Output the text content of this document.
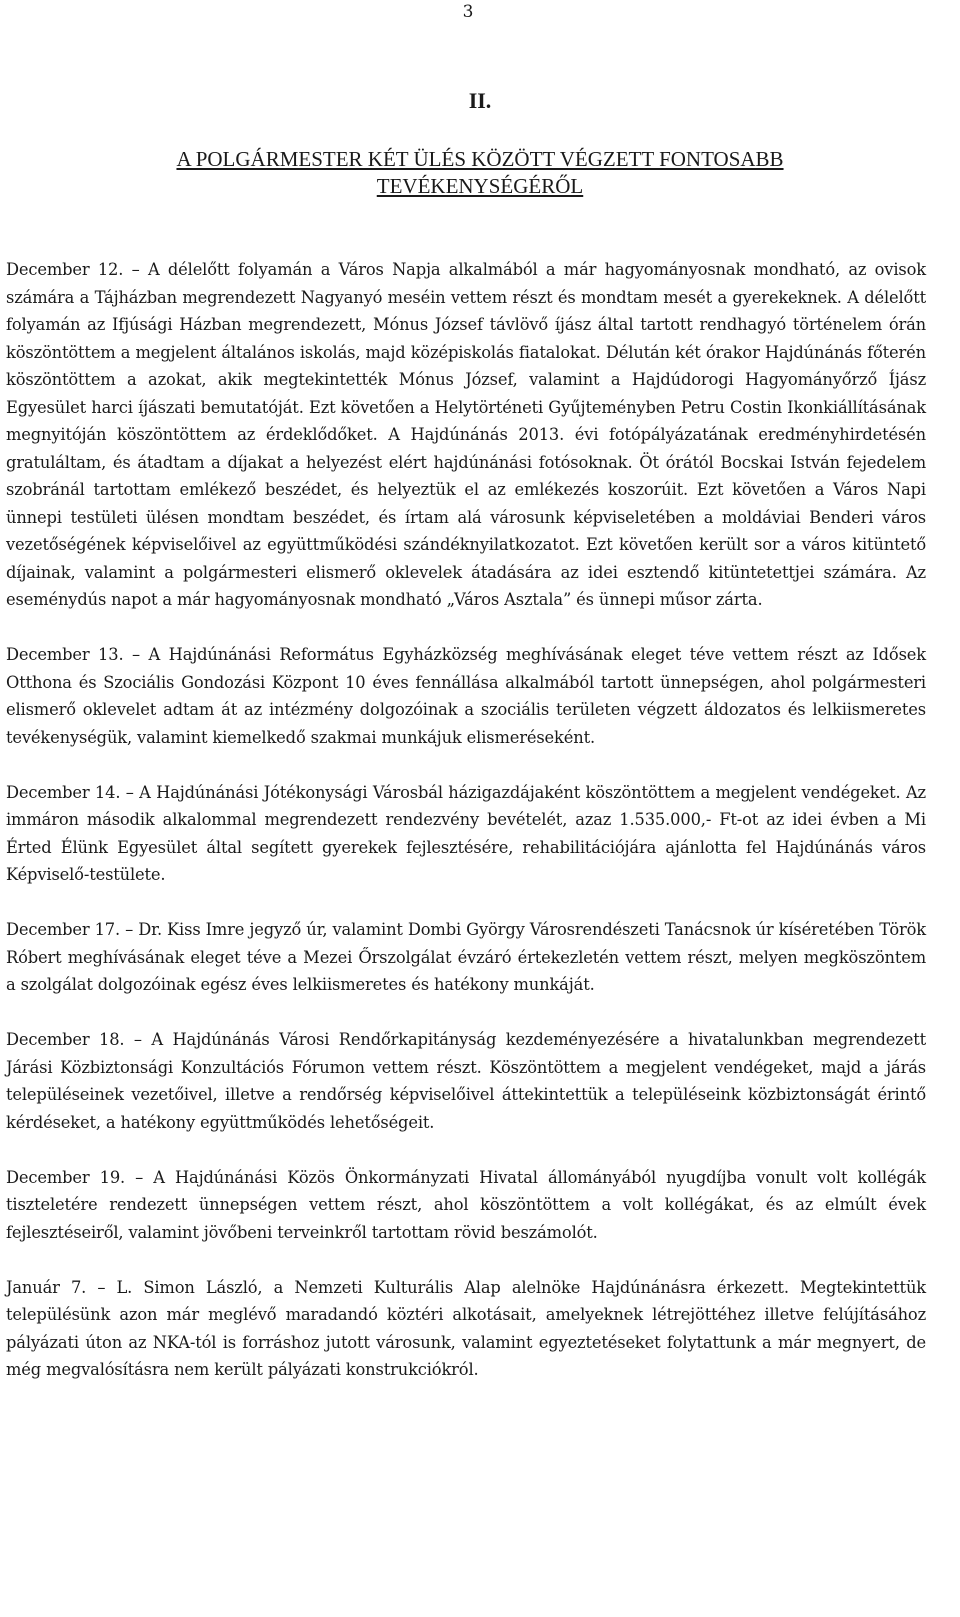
3
II.
A POLGÁRMESTER KÉT ÜLÉS KÖZÖTT VÉGZETT FONTOSABB
TEVÉKENYSÉGÉRŐL

December 12. – A délelőtt folyamán a Város Napja alkalmából a már hagyományosnak mondható, az ovisok számára a Tájházban megrendezett Nagyanyó meséin vettem részt és mondtam mesét a gyerekeknek. A délelőtt folyamán az Ifjúsági Házban megrendezett, Mónus József távlövő íjász által tartott rendhagyó történelem órán köszöntöttem a megjelent általános iskolás, majd középiskolás fiatalokat. Délután két órakor Hajdúnánás főterén köszöntöttem a azokat, akik megtekintették Mónus József, valamint a Hajdúdorogi Hagyományőrző Íjász Egyesület harci íjászati bemutatóját. Ezt követően a Helytörténeti Gyűjteményben Petru Costin Ikonkiállításának megnyitóján köszöntöttem az érdeklődőket. A Hajdúnánás 2013. évi fotópályázatának eredményhirdetésén gratuláltam, és átadtam a díjakat a helyezést elért hajdúnánási fotósoknak. Öt órától Bocskai István fejedelem szobránál tartottam emlékező beszédet, és helyeztük el az emlékezés koszorúit. Ezt követően a Város Napi ünnepi testületi ülésen mondtam beszédet, és írtam alá városunk képviseletében a moldáviai Benderi város vezetőségének képviselőivel az együttműködési szándéknyilatkozatot. Ezt követően került sor a város kitüntető díjainak, valamint a polgármesteri elismerő oklevelek átadására az idei esztendő kitüntetettjei számára. Az eseménydús napot a már hagyományosnak mondható „Város Asztala” és ünnepi műsor zárta.

December 13. – A Hajdúnánási Református Egyházközség meghívásának eleget téve vettem részt az Idősek Otthona és Szociális Gondozási Központ 10 éves fennállása alkalmából tartott ünnepségen, ahol polgármesteri elismerő oklevelet adtam át az intézmény dolgozóinak a szociális területen végzett áldozatos és lelkiismeretes tevékenységük, valamint kiemelkedő szakmai munkájuk elismeréseként.

December 14. – A Hajdúnánási Jótékonysági Városbál házigazdájaként köszöntöttem a megjelent vendégeket. Az immáron második alkalommal megrendezett rendezvény bevételét, azaz 1.535.000,- Ft-ot az idei évben a Mi Érted Élünk Egyesület által segített gyerekek fejlesztésére, rehabilitációjára ajánlotta fel Hajdúnánás város Képviselő-testülete.

December 17. – Dr. Kiss Imre jegyző úr, valamint Dombi György Városrendészeti Tanácsnok úr kíséretében Török Róbert meghívásának eleget téve a Mezei Őrszolgálat évzáró értekezletén vettem részt, melyen megköszöntem a szolgálat dolgozóinak egész éves lelkiismeretes és hatékony munkáját.

December 18. – A Hajdúnánás Városi Rendőrkapitányság kezdeményezésére a hivatalunkban megrendezett Járási Közbiztonsági Konzultációs Fórumon vettem részt. Köszöntöttem a megjelent vendégeket, majd a járás településeinek vezetőivel, illetve a rendőrség képviselőivel áttekintettük a településeink közbiztonságát érintő kérdéseket, a hatékony együttműködés lehetőségeit.

December 19. – A Hajdúnánási Közös Önkormányzati Hivatal állományából nyugdíjba vonult volt kollégák tiszteletére rendezett ünnepségen vettem részt, ahol köszöntöttem a volt kollégákat, és az elmúlt évek fejlesztéseiről, valamint jövőbeni terveinkről tartottam rövid beszámolót.

Január 7. – L. Simon László, a Nemzeti Kulturális Alap alelnöke Hajdúnánásra érkezett. Megtekintettük településünk azon már meglévő maradandó köztéri alkotásait, amelyeknek létrejöttéhez illetve felújításához pályázati úton az NKA-tól is forráshoz jutott városunk, valamint egyeztetéseket folytattunk a már megnyert, de még megvalósításra nem került pályázati konstrukciókról.
